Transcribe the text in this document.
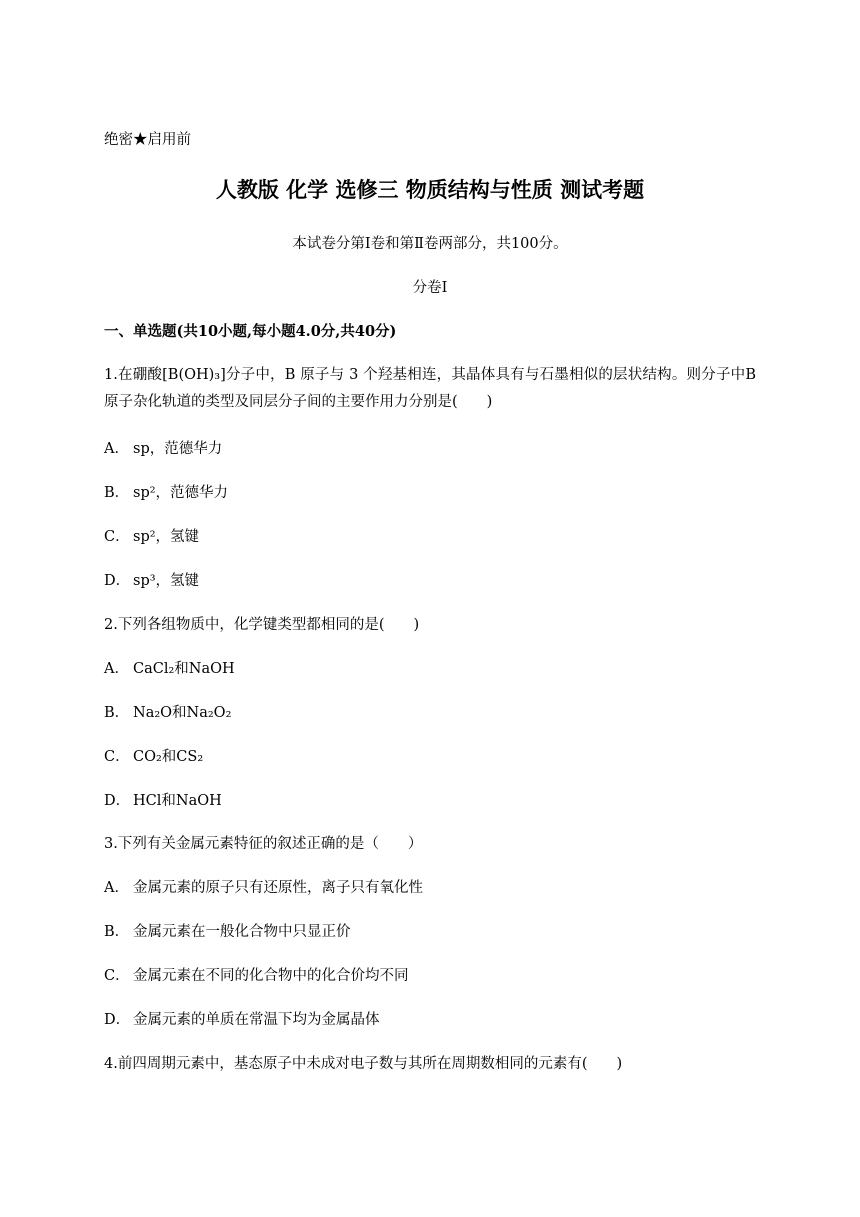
绝密★启用前
人教版 化学 选修三 物质结构与性质 测试考题
本试卷分第Ⅰ卷和第Ⅱ卷两部分，共100分。
分卷I
一、单选题(共10小题,每小题4.0分,共40分)
1.在硼酸[B(OH)₃]分子中，B 原子与 3 个羟基相连，其晶体具有与石墨相似的层状结构。则分子中B原子杂化轨道的类型及同层分子间的主要作用力分别是(　　)
A． sp，范德华力
B． sp²，范德华力
C． sp²，氢键
D． sp³，氢键
2.下列各组物质中，化学键类型都相同的是(　　)
A． CaCl₂和NaOH
B． Na₂O和Na₂O₂
C． CO₂和CS₂
D． HCl和NaOH
3.下列有关金属元素特征的叙述正确的是（　　）
A． 金属元素的原子只有还原性，离子只有氧化性
B． 金属元素在一般化合物中只显正价
C． 金属元素在不同的化合物中的化合价均不同
D． 金属元素的单质在常温下均为金属晶体
4.前四周期元素中，基态原子中未成对电子数与其所在周期数相同的元素有(　　)
